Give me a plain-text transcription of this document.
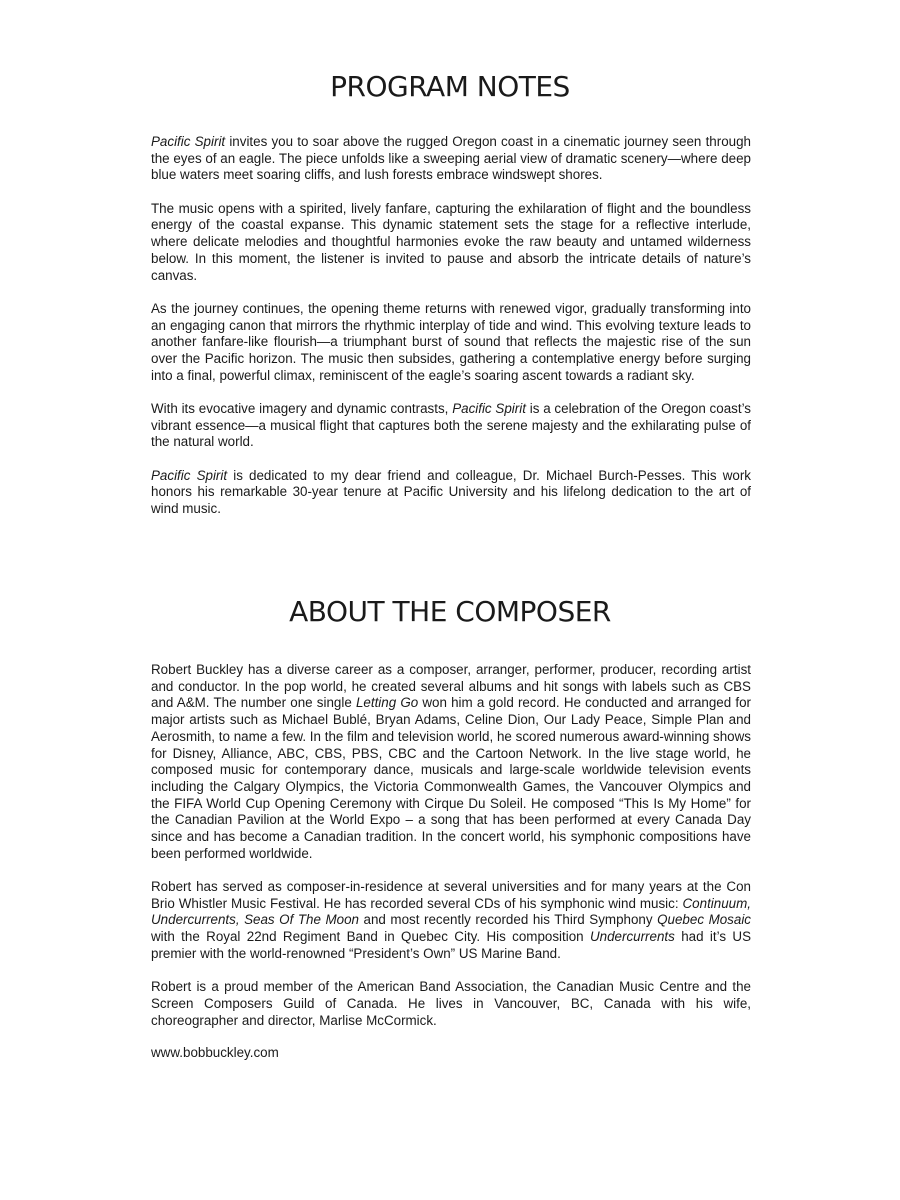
PROGRAM NOTES

Pacific Spirit invites you to soar above the rugged Oregon coast in a cinematic journey seen through the eyes of an eagle. The piece unfolds like a sweeping aerial view of dramatic scenery—where deep blue waters meet soaring cliffs, and lush forests embrace windswept shores.

The music opens with a spirited, lively fanfare, capturing the exhilaration of flight and the boundless energy of the coastal expanse. This dynamic statement sets the stage for a reflective interlude, where delicate melodies and thoughtful harmonies evoke the raw beauty and untamed wilderness below. In this moment, the listener is invited to pause and absorb the intricate details of nature’s canvas.

As the journey continues, the opening theme returns with renewed vigor, gradually transforming into an engaging canon that mirrors the rhythmic interplay of tide and wind. This evolving texture leads to another fanfare-like flourish—a triumphant burst of sound that reflects the majestic rise of the sun over the Pacific horizon. The music then subsides, gathering a contemplative energy before surging into a final, powerful climax, reminiscent of the eagle’s soaring ascent towards a radiant sky.

With its evocative imagery and dynamic contrasts, Pacific Spirit is a celebration of the Oregon coast’s vibrant essence—a musical flight that captures both the serene majesty and the exhilarating pulse of the natural world.

Pacific Spirit is dedicated to my dear friend and colleague, Dr. Michael Burch-Pesses. This work honors his remarkable 30-year tenure at Pacific University and his lifelong dedication to the art of wind music.

ABOUT THE COMPOSER

Robert Buckley has a diverse career as a composer, arranger, performer, producer, recording artist and conductor. In the pop world, he created several albums and hit songs with labels such as CBS and A&M. The number one single Letting Go won him a gold record. He conducted and arranged for major artists such as Michael Bublé, Bryan Adams, Celine Dion, Our Lady Peace, Simple Plan and Aerosmith, to name a few. In the film and television world, he scored numerous award-winning shows for Disney, Alliance, ABC, CBS, PBS, CBC and the Cartoon Network. In the live stage world, he composed music for contemporary dance, musicals and large-scale worldwide television events including the Calgary Olympics, the Victoria Commonwealth Games, the Vancouver Olympics and the FIFA World Cup Opening Ceremony with Cirque Du Soleil. He composed “This Is My Home” for the Canadian Pavilion at the World Expo – a song that has been performed at every Canada Day since and has become a Canadian tradition. In the concert world, his symphonic compositions have been performed worldwide.

Robert has served as composer-in-residence at several universities and for many years at the Con Brio Whistler Music Festival. He has recorded several CDs of his symphonic wind music: Continuum, Undercurrents, Seas Of The Moon and most recently recorded his Third Symphony Quebec Mosaic with the Royal 22nd Regiment Band in Quebec City. His composition Undercurrents had it’s US premier with the world-renowned “President’s Own” US Marine Band.

Robert is a proud member of the American Band Association, the Canadian Music Centre and the Screen Composers Guild of Canada. He lives in Vancouver, BC, Canada with his wife, choreographer and director, Marlise McCormick.

www.bobbuckley.com
